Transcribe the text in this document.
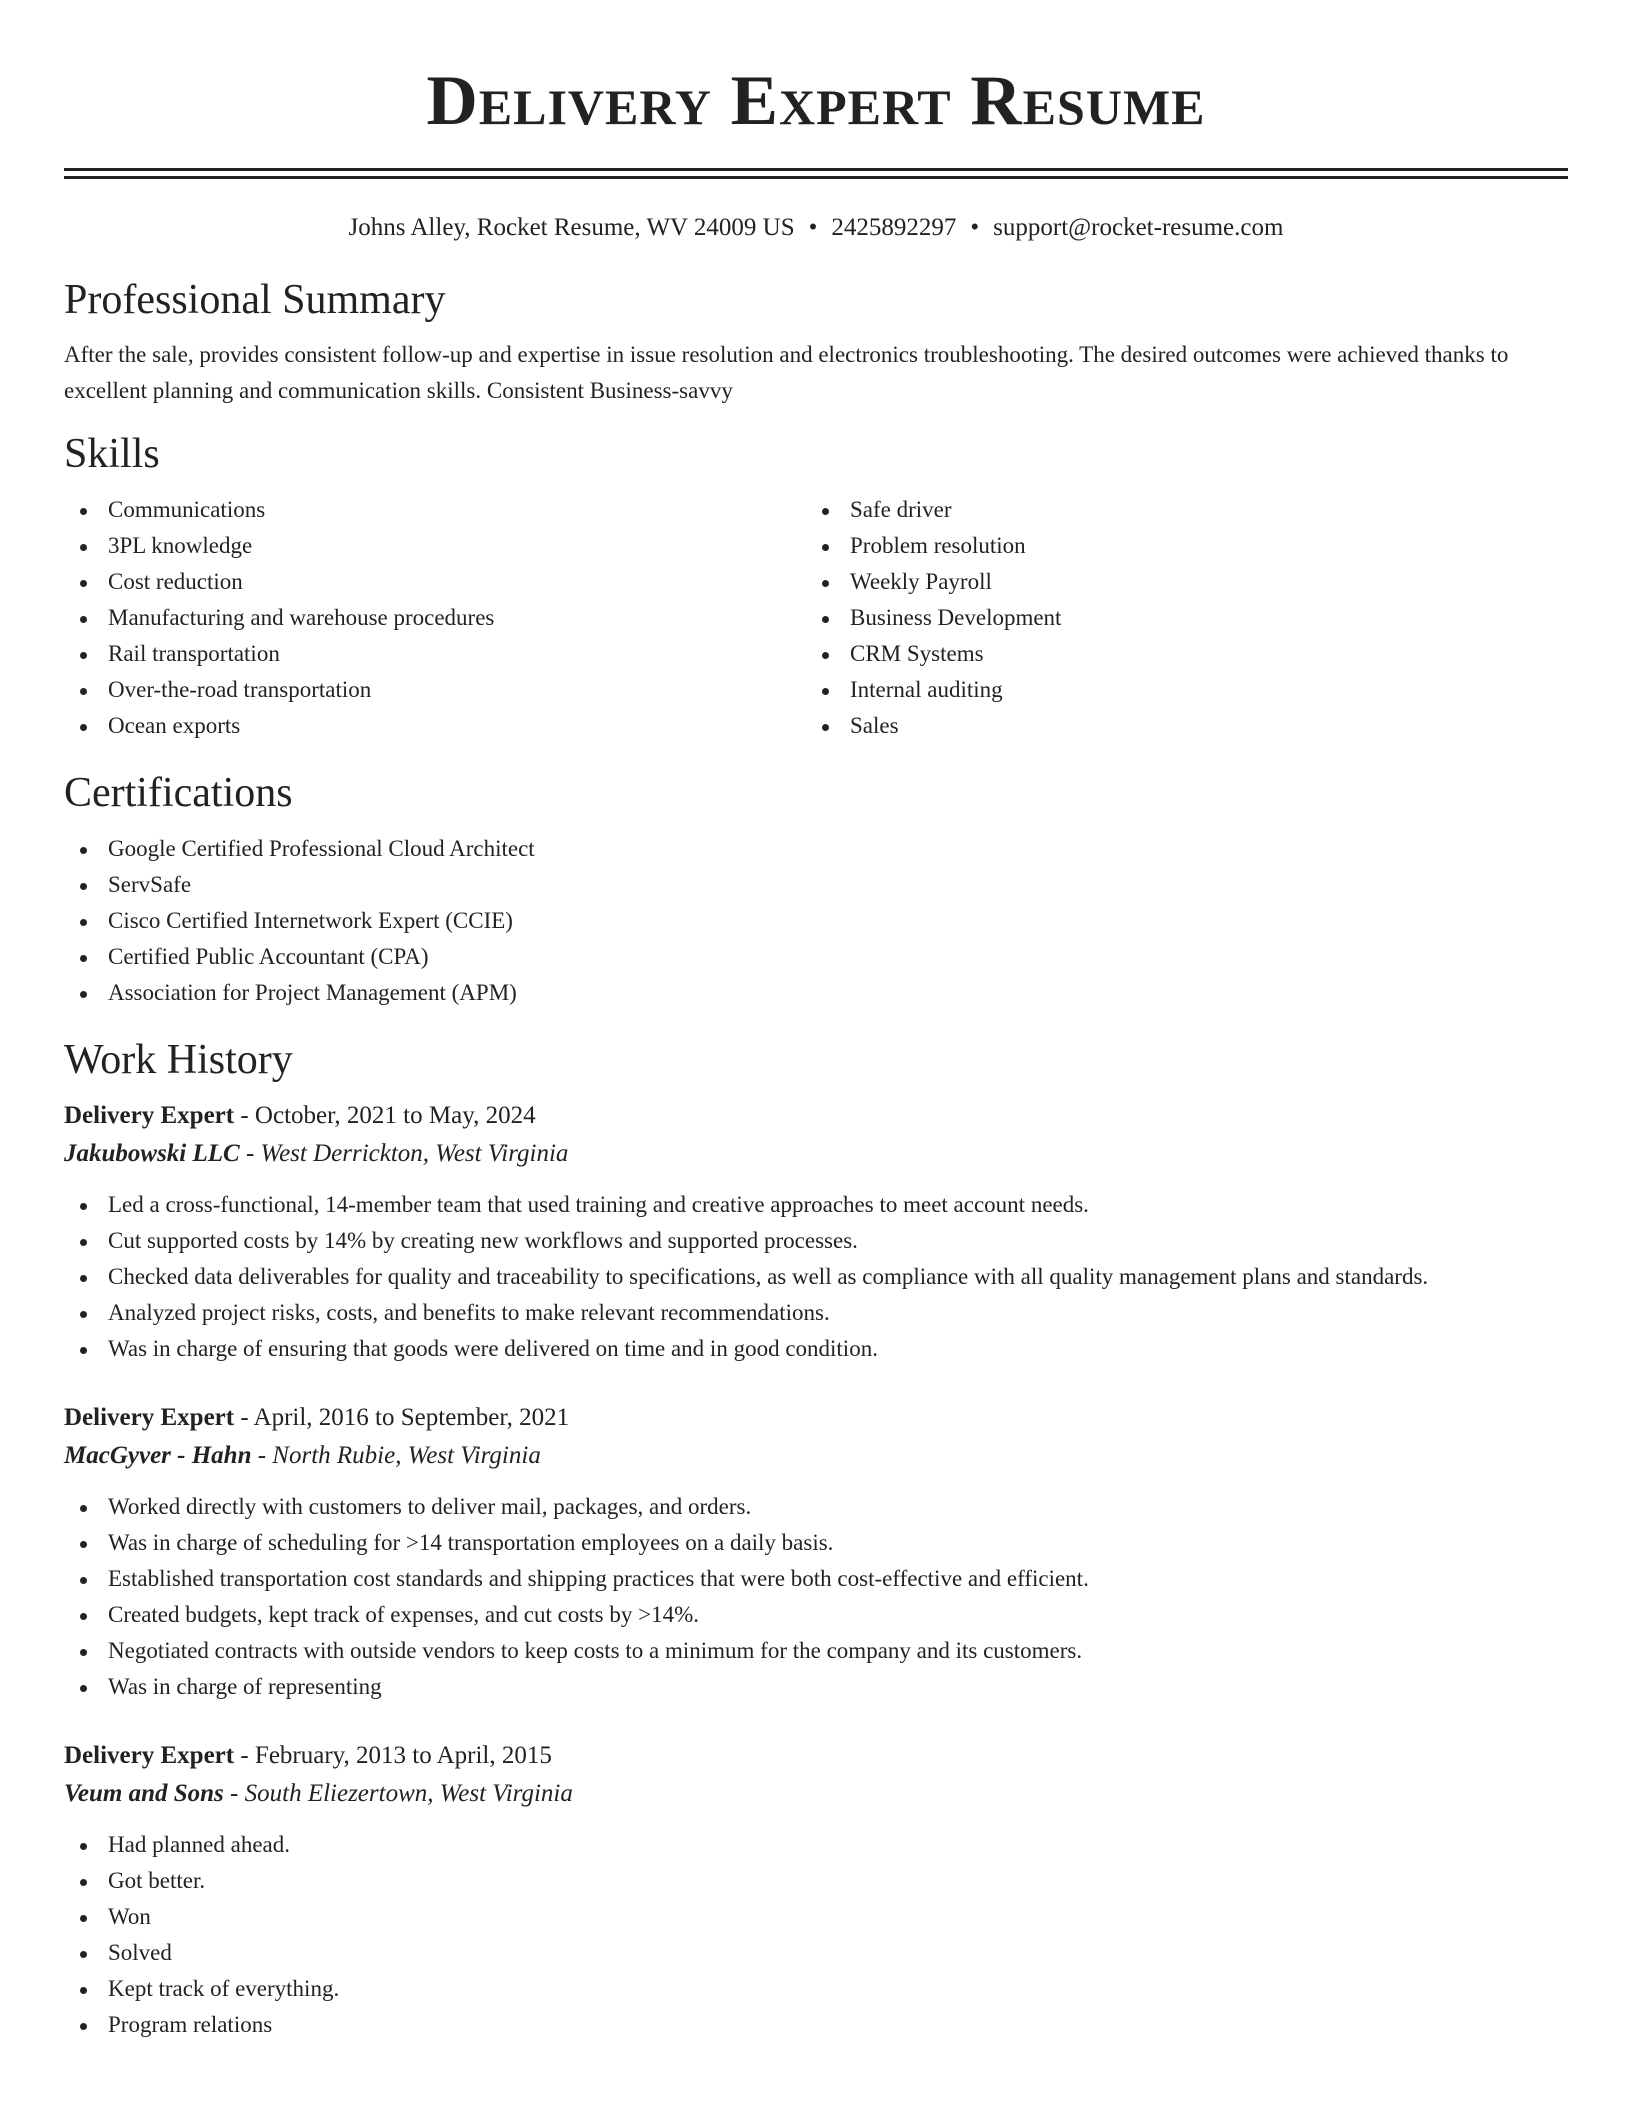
Delivery Expert Resume
Johns Alley, Rocket Resume, WV 24009 US • 2425892297 • support@rocket-resume.com
Professional Summary

After the sale, provides consistent follow-up and expertise in issue resolution and electronics troubleshooting. The desired outcomes were achieved thanks to excellent planning and communication skills. Consistent Business-savvy

Skills
Communications
3PL knowledge
Cost reduction
Manufacturing and warehouse procedures
Rail transportation
Over-the-road transportation
Ocean exports
Safe driver
Problem resolution
Weekly Payroll
Business Development
CRM Systems
Internal auditing
Sales
Certifications
Google Certified Professional Cloud Architect
ServSafe
Cisco Certified Internetwork Expert (CCIE)
Certified Public Accountant (CPA)
Association for Project Management (APM)
Work History
Delivery Expert - October, 2021 to May, 2024
Jakubowski LLC - West Derrickton, West Virginia
Led a cross-functional, 14-member team that used training and creative approaches to meet account needs.
Cut supported costs by 14% by creating new workflows and supported processes.
Checked data deliverables for quality and traceability to specifications, as well as compliance with all quality management plans and standards.
Analyzed project risks, costs, and benefits to make relevant recommendations.
Was in charge of ensuring that goods were delivered on time and in good condition.
Delivery Expert - April, 2016 to September, 2021
MacGyver - Hahn - North Rubie, West Virginia
Worked directly with customers to deliver mail, packages, and orders.
Was in charge of scheduling for >14 transportation employees on a daily basis.
Established transportation cost standards and shipping practices that were both cost-effective and efficient.
Created budgets, kept track of expenses, and cut costs by >14%.
Negotiated contracts with outside vendors to keep costs to a minimum for the company and its customers.
Was in charge of representing
Delivery Expert - February, 2013 to April, 2015
Veum and Sons - South Eliezertown, West Virginia
Had planned ahead.
Got better.
Won
Solved
Kept track of everything.
Program relations
